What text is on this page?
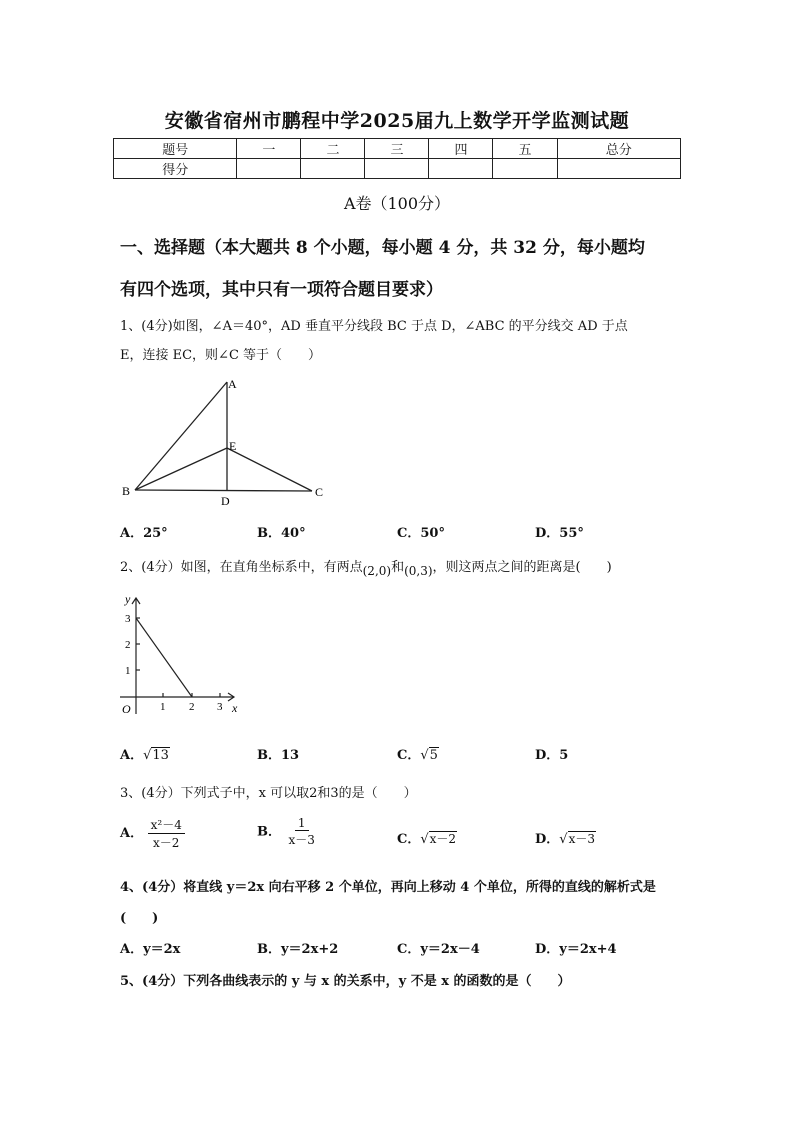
安徽省宿州市鹏程中学2025届九上数学开学监测试题
题号	一	二	三	四	五	总分
得分						
A卷（100分）
一、选择题（本大题共 8 个小题，每小题 4 分，共 32 分，每小题均
有四个选项，其中只有一项符合题目要求）
1、(4分)如图，∠A＝40°，AD 垂直平分线段 BC 于点 D，∠ABC 的平分线交 AD 于点
E，连接 EC，则∠C 等于（　　）
A
E
B
D
C
A．25°	B．40°	C．50°	D．55°
2、(4分）如图，在直角坐标系中，有两点(2,0)和(0,3)，则这两点之间的距离是(　　)
y
x
O	1 2 3
1
2
3
A．√13	B．13	C．√5	D．5
3、(4分）下列式子中，x 可以取2和3的是（　　）
A． $\frac{\text{x²－4}}{x-2}$	B． $\frac{1}{x-3}$	C．√x－2	D．√x－3
4、(4分）将直线 y＝2x 向右平移 2 个单位，再向上移动 4 个单位，所得的直线的解析式是
(　　)
A．y＝2x	B．y＝2x+2	C．y＝2x－4	D．y＝2x+4
5、(4分）下列各曲线表示的 y 与 x 的关系中，y 不是 x 的函数的是（　　）
